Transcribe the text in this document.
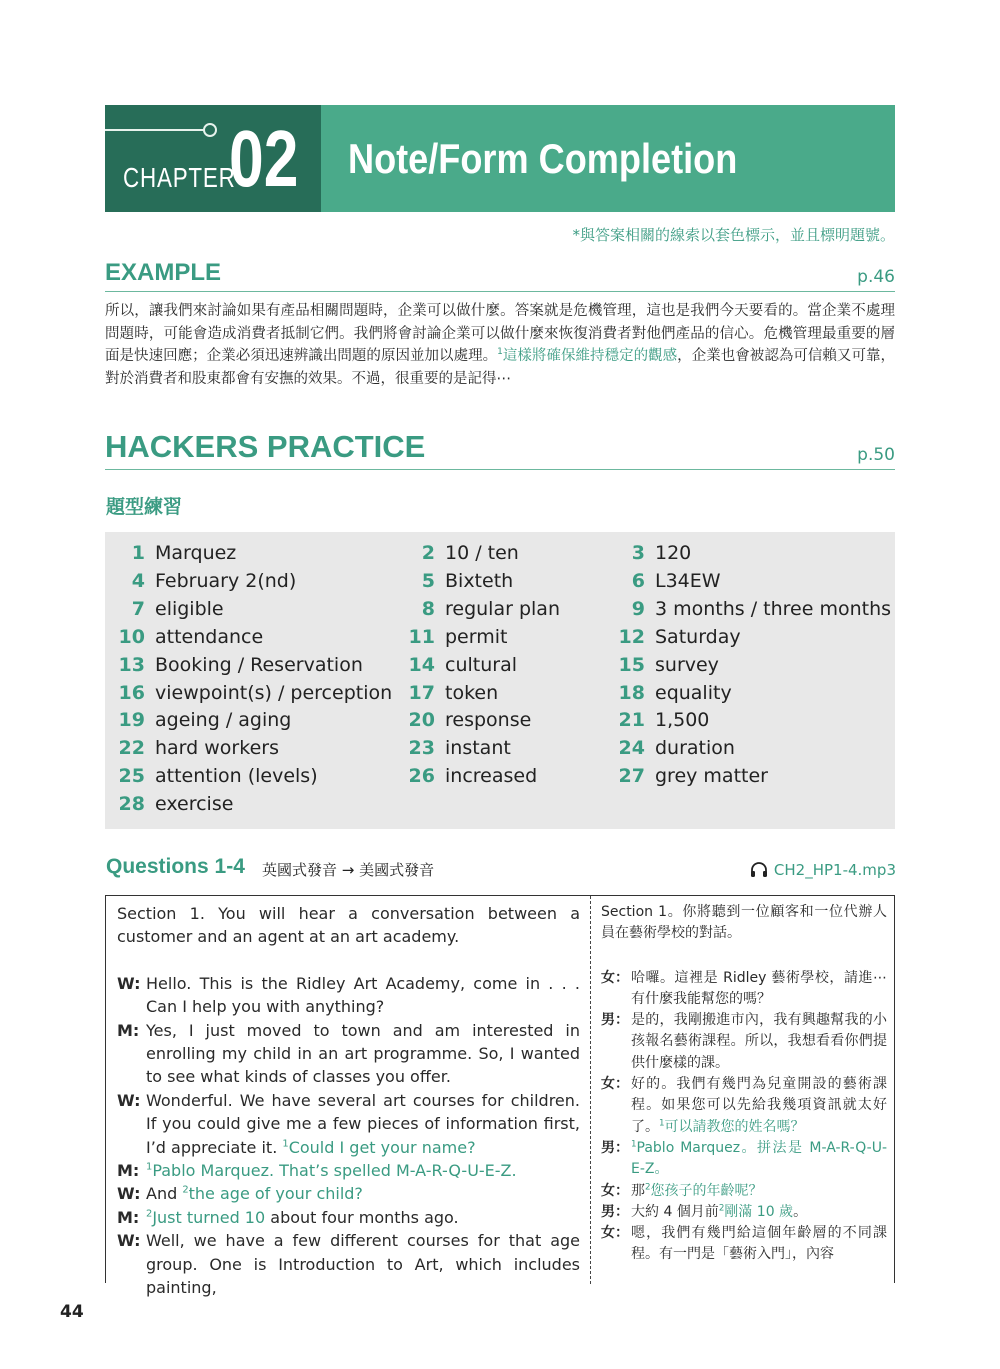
CHAPTER
02 Note/Form Completion
*與答案相關的線索以套色標示，並且標明題號。
EXAMPLE	p.46

所以，讓我們來討論如果有產品相關問題時，企業可以做什麼。答案就是危機管理，這也是我們今天要看的。當企業不處理問題時，可能會造成消費者抵制它們。我們將會討論企業可以做什麼來恢復消費者對他們產品的信心。危機管理最重要的層面是快速回應；企業必須迅速辨識出問題的原因並加以處理。$^1$這樣將確保維持穩定的觀感，企業也會被認為可信賴又可靠，對於消費者和股東都會有安撫的效果。不過，很重要的是記得⋯

HACKERS PRACTICE	p.50
題型練習
1 Marquez	2 10 / ten	3 120
4 February 2(nd)	5 Bixteth	6 L34EW
7 eligible	8 regular plan	9 3 months / three months
10 attendance	11 permit	12 Saturday
13 Booking / Reservation	14 cultural	15 survey
16 viewpoint(s) / perception 17 token	18 equality
19 ageing / aging	20 response	21 1,500
22 hard workers	23 instant	24 duration
25 attention (levels)	26 increased	27 grey matter
28 exercise
Questions 1-4 英國式發音 → 美國式發音	CH2_HP1-4.mp3
Section 1. You will hear a conversation between a customer and an agent at an art academy.
W: Hello. This is the Ridley Art Academy, come in . . . Can I help you with anything?
M: Yes, I just moved to town and am interested in enrolling my child in an art programme. So, I wanted to see what kinds of classes you offer.
W: Wonderful. We have several art courses for children. If you could give me a few pieces of information first, I’d appreciate it. $^1$Could I get your name?
M: $^1$Pablo Marquez. That’s spelled M-A-R-Q-U-E-Z.
W: And $^2$the age of your child?
M: $^2$Just turned 10 about four months ago.
W: Well, we have a few different courses for that age group. One is Introduction to Art, which includes painting,
Section 1。你將聽到一位顧客和一位代辦人員在藝術學校的對話。
女： 哈囉。這裡是 Ridley 藝術學校，請進⋯有什麼我能幫您的嗎？
男： 是的，我剛搬進市內，我有興趣幫我的小孩報名藝術課程。所以，我想看看你們提供什麼樣的課。
女： 好的。我們有幾門為兒童開設的藝術課程。如果您可以先給我幾項資訊就太好了。$^1$可以請教您的姓名嗎？
男： $^1$Pablo Marquez。拼法是 M-A-R-Q-U-E-Z。
女： 那$^2$您孩子的年齡呢？
男： 大約 4 個月前$^2$剛滿 10 歲。
女： 嗯，我們有幾門給這個年齡層的不同課程。有一門是「藝術入門」，內容
44
